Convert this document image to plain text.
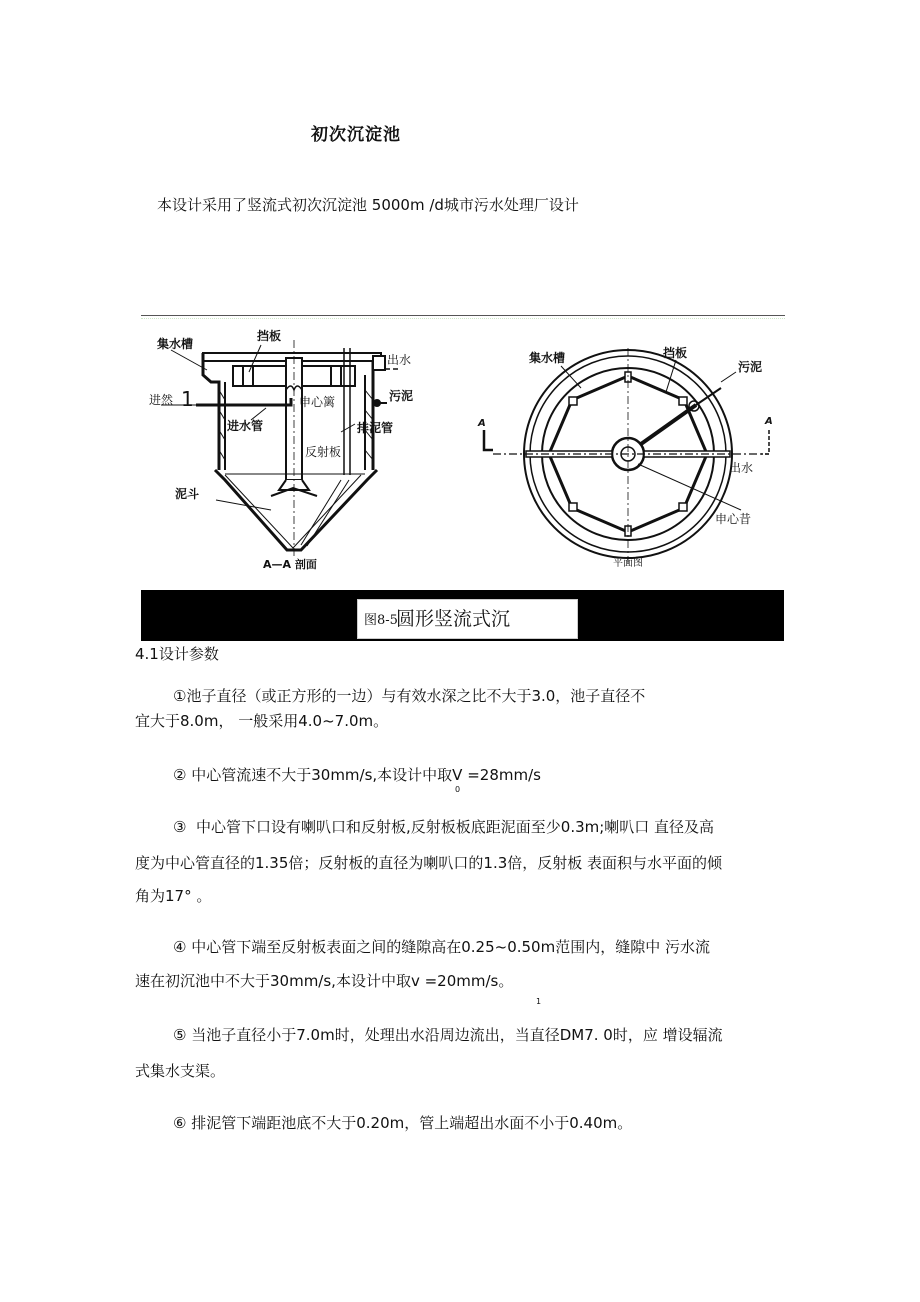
初次沉淀池
本设计采用了竖流式初次沉淀池 5000m /d城市污水处理厂设计
集水槽
挡板
出水
进然 1	申心篱	污泥
进水管	排泥管
反射板
泥斗
A—A 剖面
集水槽	挡板
污泥
A	A
出水
申心昔
平面图
图8-5
圆形竖流式沉
4.1设计参数
①池子直径（或正方形的一边）与有效水深之比不大于3.0，池子直径不
宜大于8.0m， 一般采用4.0~7.0m。
② 中心管流速不大于30mm/s,本设计中取V =28mm/s
0
③ 中心管下口设有喇叭口和反射板,反射板板底距泥面至少0.3m;喇叭口 直径及高
度为中心管直径的1.35倍；反射板的直径为喇叭口的1.3倍，反射板 表面积与水平面的倾
角为17° 。
④ 中心管下端至反射板表面之间的缝隙高在0.25~0.50m范围内，缝隙中 污水流
速在初沉池中不大于30mm/s,本设计中取v =20mm/s。
1
⑤ 当池子直径小于7.0m时，处理出水沿周边流出，当直径DM7. 0时，应 增设辐流
式集水支渠。
⑥ 排泥管下端距池底不大于0.20m，管上端超出水面不小于0.40m。
